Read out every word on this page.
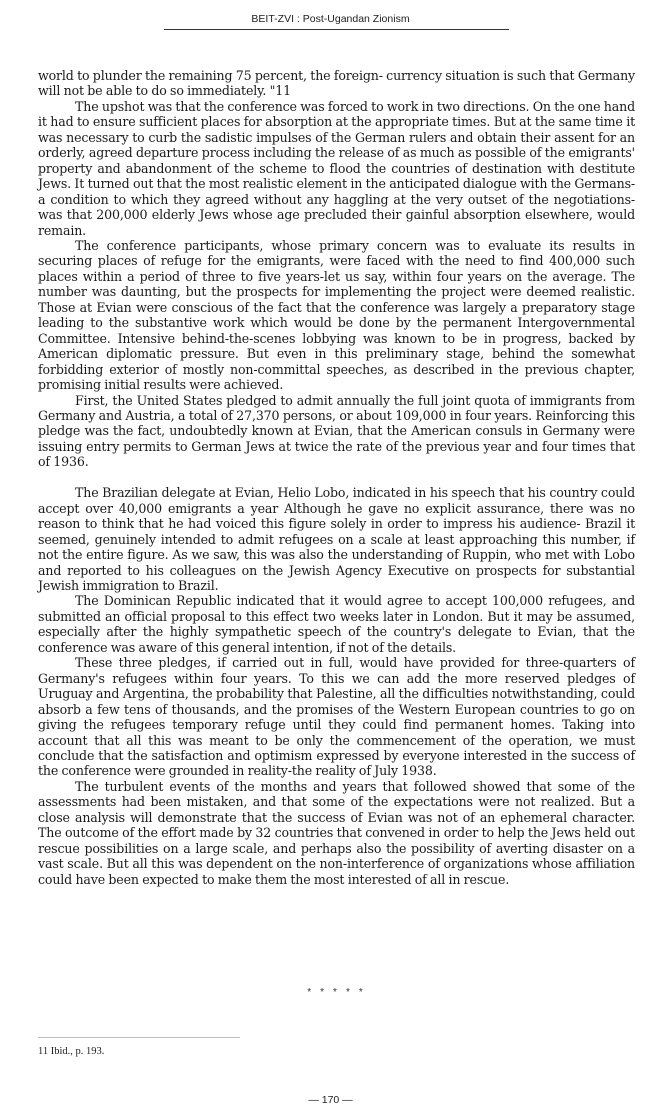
BEIT-ZVI : Post-Ugandan Zionism

world to plunder the remaining 75 percent, the foreign- currency situation is such that Germany will not be able to do so immediately. "11

The upshot was that the conference was forced to work in two directions. On the one hand it had to ensure sufficient places for absorption at the appropriate times. But at the same time it was necessary to curb the sadistic impulses of the German rulers and obtain their assent for an orderly, agreed departure process including the release of as much as possible of the emigrants' property and abandonment of the scheme to flood the countries of destination with destitute Jews. It turned out that the most realistic element in the anticipated dialogue with the Germans-a condition to which they agreed without any haggling at the very outset of the negotiations-was that 200,000 elderly Jews whose age precluded their gainful absorption elsewhere, would remain.

The conference participants, whose primary concern was to evaluate its results in securing places of refuge for the emigrants, were faced with the need to find 400,000 such places within a period of three to five years-let us say, within four years on the average. The number was daunting, but the prospects for implementing the project were deemed realistic. Those at Evian were conscious of the fact that the conference was largely a preparatory stage leading to the substantive work which would be done by the permanent Intergovernmental Committee. Intensive behind-the-scenes lobbying was known to be in progress, backed by American diplomatic pressure. But even in this preliminary stage, behind the somewhat forbidding exterior of mostly non-committal speeches, as described in the previous chapter, promising initial results were achieved.

First, the United States pledged to admit annually the full joint quota of immigrants from Germany and Austria, a total of 27,370 persons, or about 109,000 in four years. Reinforcing this pledge was the fact, undoubtedly known at Evian, that the American consuls in Germany were issuing entry permits to German Jews at twice the rate of the previous year and four times that of 1936.

The Brazilian delegate at Evian, Helio Lobo, indicated in his speech that his country could accept over 40,000 emigrants a year Although he gave no explicit assurance, there was no reason to think that he had voiced this figure solely in order to impress his audience- Brazil it seemed, genuinely intended to admit refugees on a scale at least approaching this number, if not the entire figure. As we saw, this was also the understanding of Ruppin, who met with Lobo and reported to his colleagues on the Jewish Agency Executive on prospects for substantial Jewish immigration to Brazil.

The Dominican Republic indicated that it would agree to accept 100,000 refugees, and submitted an official proposal to this effect two weeks later in London. But it may be assumed, especially after the highly sympathetic speech of the country's delegate to Evian, that the conference was aware of this general intention, if not of the details.

These three pledges, if carried out in full, would have provided for three-quarters of Germany's refugees within four years. To this we can add the more reserved pledges of Uruguay and Argentina, the probability that Palestine, all the difficulties notwithstanding, could absorb a few tens of thousands, and the promises of the Western European countries to go on giving the refugees temporary refuge until they could find permanent homes. Taking into account that all this was meant to be only the commencement of the operation, we must conclude that the satisfaction and optimism expressed by everyone interested in the success of the conference were grounded in reality-the reality of July 1938.

The turbulent events of the months and years that followed showed that some of the assessments had been mistaken, and that some of the expectations were not realized. But a close analysis will demonstrate that the success of Evian was not of an ephemeral character. The outcome of the effort made by 32 countries that convened in order to help the Jews held out rescue possibilities on a large scale, and perhaps also the possibility of averting disaster on a vast scale. But all this was dependent on the non-interference of organizations whose affiliation could have been expected to make them the most interested of all in rescue.

*****
11 Ibid., p. 193.
— 170 —
